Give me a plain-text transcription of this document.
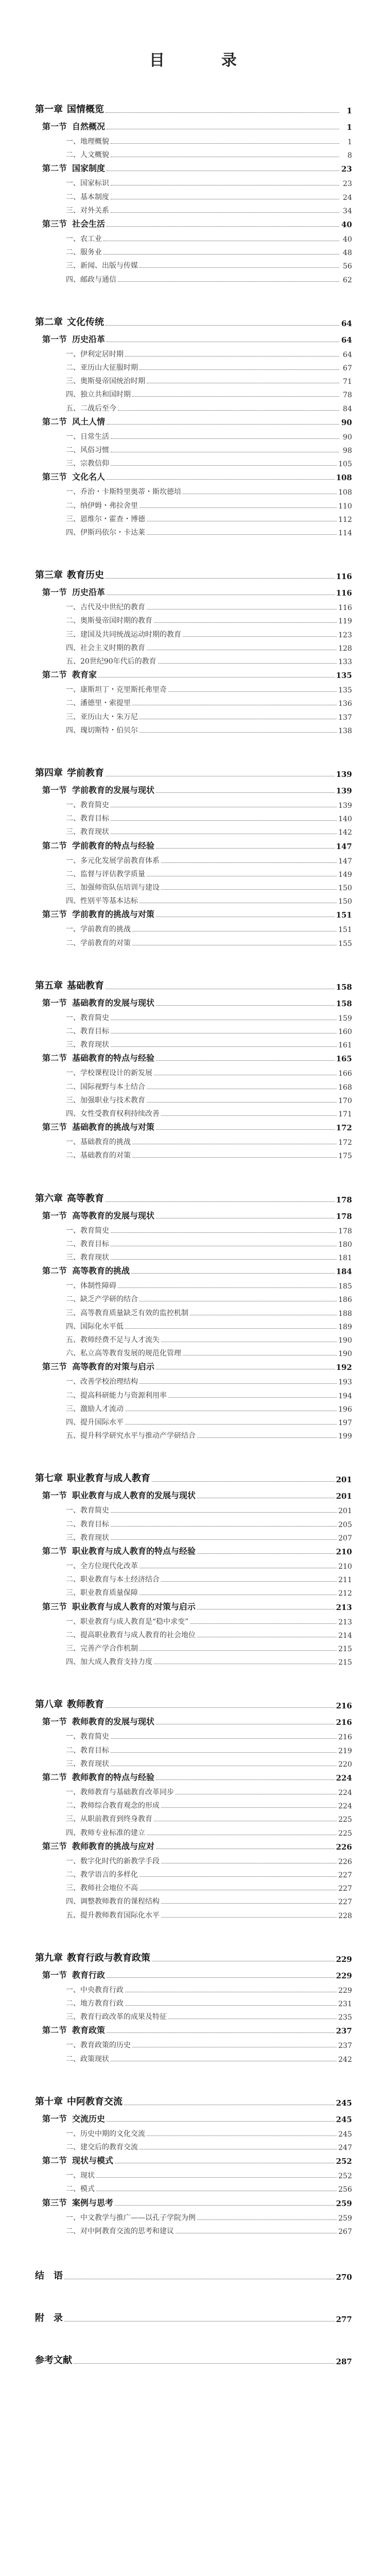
目　录
第一章 国情概览	1
第一节 自然概况	1
一、地理概貌	1
二、人文概貌	8
第二节 国家制度	23
一、国家标识	23
二、基本制度	24
三、对外关系	34
第三节 社会生活	40
一、农工业	40
二、服务业	48
三、新闻、出版与传媒	56
四、邮政与通信	62
第二章 文化传统	64
第一节 历史沿革	64
一、伊利定居时期	64
二、亚历山大征服时期	67
三、奥斯曼帝国统治时期	71
四、独立共和国时期	78
五、二战后至今	84
第二节 风土人情	90
一、日常生活	90
二、风俗习惯	98
三、宗教信仰	105
第三节 文化名人	108
一、乔治・卡斯特里奥蒂・斯坎德培	108
二、纳伊姆・弗拉舍里	110
三、恩维尔・霍查・博德	112
四、伊斯玛依尔・卡达莱	114
第三章 教育历史	116
第一节 历史沿革	116
一、古代及中世纪的教育	116
二、奥斯曼帝国时期的教育	119
三、建国及共同统战运动时期的教育	123
四、社会主义时期的教育	128
五、20世纪90年代后的教育	133
第二节 教育家	135
一、康斯坦丁・克里斯托弗里奇	135
二、潘德里・索提里	136
三、亚历山大・朱万尼	137
四、瑰切斯特・伯贝尔	138
第四章 学前教育	139
第一节 学前教育的发展与现状	139
一、教育简史	139
二、教育目标	140
三、教育现状	142
第二节 学前教育的特点与经验	147
一、多元化发展学前教育体系	147
二、监督与评估教学质量	149
三、加强师资队伍培训与建设	150
四、性别平等基本达标	150
第三节 学前教育的挑战与对策	151
一、学前教育的挑战	151
二、学前教育的对策	155
第五章 基础教育	158
第一节 基础教育的发展与现状	158
一、教育简史	159
二、教育目标	160
三、教育现状	161
第二节 基础教育的特点与经验	165
一、学校课程设计的新发展	166
二、国际视野与本土结合	168
三、加强职业与技术教育	170
四、女性受教育权利持续改善	171
第三节 基础教育的挑战与对策	172
一、基础教育的挑战	172
二、基础教育的对策	175
第六章 高等教育	178
第一节 高等教育的发展与现状	178
一、教育简史	178
二、教育目标	180
三、教育现状	181
第二节 高等教育的挑战	184
一、体制性障碍	185
二、缺乏产学研的结合	186
三、高等教育质量缺乏有效的监控机制	188
四、国际化水平低	189
五、教师经费不足与人才流失	190
六、私立高等教育发展的规范化管理	190
第三节 高等教育的对策与启示	192
一、改善学校治理结构	193
二、提高科研能力与资源利用率	194
三、激励人才流动	196
四、提升国际水平	197
五、提升科学研究水平与推动产学研结合	199
第七章 职业教育与成人教育	201
第一节 职业教育与成人教育的发展与现状	201
一、教育简史	201
二、教育目标	205
三、教育现状	207
第二节 职业教育与成人教育的特点与经验	210
一、全方位现代化改革	210
二、职业教育与本土经济结合	211
三、职业教育质量保障	212
第三节 职业教育与成人教育的对策与启示	213
一、职业教育与成人教育是“稳中求变”	213
二、提高职业教育与成人教育的社会地位	214
三、完善产学合作机制	215
四、加大成人教育支持力度	215
第八章 教师教育	216
第一节 教师教育的发展与现状	216
一、教育简史	216
二、教育目标	219
三、教育现状	220
第二节 教师教育的特点与经验	224
一、教师教育与基础教育改革同步	224
二、教师综合教育观念的形成	224
三、从职前教育到终身教育	225
四、教师专业标准的建立	225
第三节 教师教育的挑战与应对	226
一、数字化时代的新教学手段	226
二、教学语言的多样化	227
三、教师社会地位不高	227
四、调整教师教育的课程结构	227
五、提升教师教育国际化水平	228
第九章 教育行政与教育政策	229
第一节 教育行政	229
一、中央教育行政	229
二、地方教育行政	231
三、教育行政改革的成果及特征	235
第二节 教育政策	237
一、教育政策的历史	237
二、政策现状	242
第十章 中阿教育交流	245
第一节 交流历史	245
一、历史中期的文化交流	245
二、建交后的教育交流	247
第二节 现状与模式	252
一、现状	252
二、模式	256
第三节 案例与思考	259
一、中文教学与推广——以孔子学院为例	259
二、对中阿教育交流的思考和建议	267
结　语	270
附　录	277
参考文献	287
